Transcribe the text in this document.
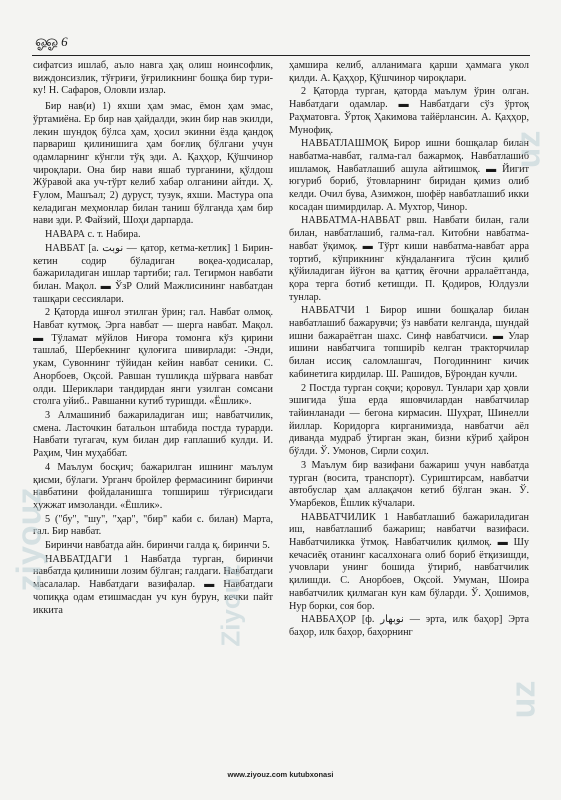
ஓஓ 6

сифатсиз ишлаб, аъло навга ҳақ олиш ноинсофлик, виждонсизлик, тўғриғи, ўғриликнинг бошқа бир тури-ку! Н. Сафаров, Оловли излар.

Бир нав(и) 1) яхши ҳам эмас, ёмон ҳам эмас, ўртамиёна. Ер бир нав ҳайдалди, экин бир нав экилди, лекин шундоқ бўлса ҳам, ҳосил экинни ёзда қандоқ парвариш қилинишига ҳам боғлиқ бўлгани учун одамларнинг кўнгли тўқ эди. А. Қаҳҳор, Қўшчинор чироқлари. Она бир нави яшаб турганини, қўлдош Жўравой ака уч-тўрт келиб хабар олганини айтди. Ҳ. Ғулом, Машъал; 2) дуруст, тузук, яхши. Мастура опа келадиган меҳмонлар билан таниш бўлганда ҳам бир нави эди. Р. Файзий, Шоҳи дарпарда.

НАВАРА с. т. Набира.

НАВБАТ [а. نوبت — қатор, кетма-кетлик] 1 Бирин-кетин содир бўладиган воқеа-ҳодисалар, бажариладиган ишлар тартиби; гал. Тегирмон навбати билан. Мақол. ▬ ЎзР Олий Мажлисининг навбатдан ташқари сессиялари.

2 Қаторда ишғол этилган ўрин; гал. Навбат олмоқ. Навбат кутмоқ. Эрга навбат — шерга навбат. Мақол. ▬ Тўламат мўйлов Ниғора томонга кўз қирини ташлаб, Шербекнинг қулоғига шивирлади: -Энди, укам, Сувоннинг тўйидан кейин навбат сеники. С. Анорбоев, Оқсой. Равшан тушликда шўрвага навбат олди. Шериклари тандирдан янги узилган сомсани столга уйиб.. Равшанни кутиб туришди. «Ёшлик».

3 Алмашиниб бажариладиган иш; навбатчилик, смена. Ласточкин батальон штабида постда турарди. Навбати тугагач, кум билан дир ғаплашиб кулди. И. Раҳим, Чин муҳаббат.

4 Маълум босқич; бажарилган ишнинг маълум қисми, бўлаги. Урганч бройлер фермасининг биринчи навбатини фойдаланишга топшириш тўғрисидаги ҳужжат имзоланди. «Ёшлик».

5 ("бу", "шу", "ҳар", "бир" каби с. билан) Марта, гал. Бир навбат.

Биринчи навбатда айн. биринчи галда қ. биринчи 5.

НАВБАТДАГИ 1 Навбатда турган, биринчи навбатда қилиниши лозим бўлган; галдаги. Навбатдаги масалалар. Навбатдаги вазифалар. ▬ Навбатдаги чопиққа одам етишмасдан уч кун бурун, кечки пайт иккита

ҳамшира келиб, алланимага қарши ҳаммага укол қилди. А. Қаҳҳор, Қўшчинор чироқлари.

2 Қаторда турган, қаторда маълум ўрин олган. Навбатдаги одамлар. ▬ Навбатдаги сўз ўртоқ Раҳматовга. Ўртоқ Ҳакимова тайёрлансин. А. Қаҳҳор, Мунофиқ.

НАВБАТЛАШМОҚ Бирор ишни бошқалар билан навбатма-навбат, галма-гал бажармоқ. Навбатлашиб ишламоқ. Навбатлашиб ашула айтишмоқ. ▬ Йигит югуриб бориб, ўтовларнинг биридан қимиз олиб келди. Очил бува, Азимжон, шофёр навбатлашиб икки косадан шимирдилар. А. Мухтор, Чинор.

НАВБАТМА-НАВБАТ рвш. Навбати билан, гали билан, навбатлашиб, галма-гал. Китобни навбатма-навбат ўқимоқ. ▬ Тўрт киши навбатма-навбат арра тортиб, кўприкнинг кўндаланғига тўсин қилиб қўйиладиган йўғон ва қаттиқ ёғочни арралаётганда, қора терга ботиб кетишди. П. Қодиров, Юлдузли тунлар.

НАВБАТЧИ 1 Бирор ишни бошқалар билан навбатлашиб бажарувчи; ўз навбати келганда, шундай ишни бажараётган шахс. Синф навбатчиси. ▬ Улар ишини навбатчига топширib келган тракторчилар билан иссиқ саломлашгач, Погодиннинг кичик кабинетига кирдилар. Ш. Рашидов, Бўрондан кучли.

2 Постда турган соқчи; қоровул. Тунлари ҳар ҳовли эшигида ўша ерда яшовчилардан навбатчилар тайинланади — бегона кирмасин. Шуҳрат, Шинелли йиллар. Коридорга кирганимизда, навбатчи аёл диванда мудраб ўтирган экан, бизни кўриб ҳайрон бўлди. Ў. Умонов, Сирли соҳил.

3 Маълум бир вазифани бажариш учун навбатда турган (восита, транспорт). Суриштирсам, навбатчи автобуслар ҳам аллақачон кетиб бўлган экан. Ў. Умарбеков, Ёшлик кўчалари.

НАВБАТЧИЛИК 1 Навбатлашиб бажариладиган иш, навбатлашиб бажариш; навбатчи вазифаси. Навбатчиликка ўтмоқ. Навбатчилик қилмоқ. ▬ Шу кечасиёқ отанинг касалхонага олиб бориб ётқизишди, учовлари унинг бошида ўтириб, навбатчилик қилишди. С. Анорбоев, Оқсой. Умуман, Шоира навбатчилик қилмаган кун кам бўларди. Ў. Ҳошимов, Нур борки, соя бор.

НАВБАҲОР [ф. نوبهار — эрта, илк баҳор] Эрта баҳор, илк баҳор, баҳорнинг

ziyouz
uz
uz
Ziyouz
www.ziyouz.com kutubxonasi
